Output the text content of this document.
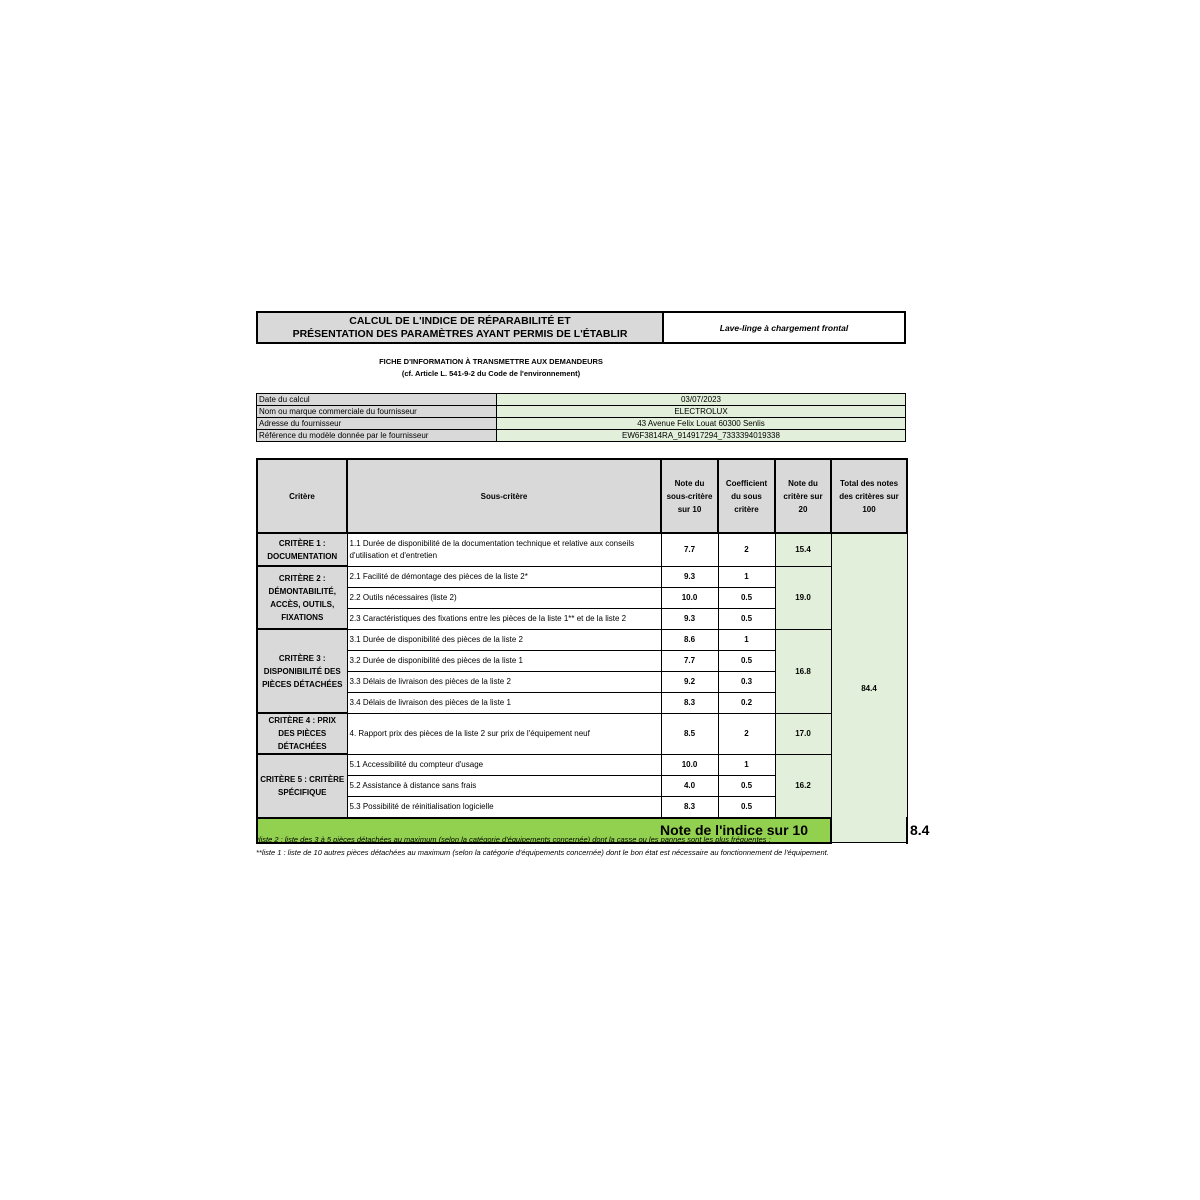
CALCUL DE L'INDICE DE RÉPARABILITÉ ET
PRÉSENTATION DES PARAMÈTRES AYANT PERMIS DE L'ÉTABLIR	Lave-linge à chargement frontal
FICHE D'INFORMATION À TRANSMETTRE AUX DEMANDEURS
(cf. Article L. 541-9-2 du Code de l'environnement)
Date du calcul	03/07/2023
Nom ou marque commerciale du fournisseur	ELECTROLUX
Adresse du fournisseur	43 Avenue Felix Louat 60300 Senlis
Référence du modèle donnée par le fournisseur	EW6F3814RA_914917294_7333394019338
Critère	Sous-critère	Note du sous-critère sur 10	Coefficient du sous critère	Note du critère sur 20	Total des notes des critères sur 100	
CRITÈRE 1 : DOCUMENTATION	1.1 Durée de disponibilité de la documentation technique et relative aux conseils d'utilisation et d'entretien	7.7	2	15.4	84.4	
CRITÈRE 2 : DÉMONTABILITÉ, ACCÈS, OUTILS, FIXATIONS	2.1 Facilité de démontage des pièces de la liste 2*	9.3	1	19.0		
	2.2 Outils nécessaires (liste 2)	10.0	0.5			
	2.3 Caractéristiques des fixations entre les pièces de la liste 1** et de la liste 2	9.3	0.5			
CRITÈRE 3 : DISPONIBILITÉ DES PIÈCES DÉTACHÉES	3.1 Durée de disponibilité des pièces de la liste 2	8.6	1	16.8		
	3.2 Durée de disponibilité des pièces de la liste 1	7.7	0.5			
	3.3 Délais de livraison des pièces de la liste 2	9.2	0.3			
	3.4 Délais de livraison des pièces de la liste 1	8.3	0.2			
CRITÈRE 4 : PRIX DES PIÈCES DÉTACHÉES	4. Rapport prix des pièces de la liste 2 sur prix de l'équipement neuf	8.5	2	17.0		
CRITÈRE 5 : CRITÈRE SPÉCIFIQUE	5.1 Accessibilité du compteur d'usage	10.0	1	16.2		
	5.2 Assistance à distance sans frais	4.0	0.5			
	5.3 Possibilité de réinitialisation logicielle	8.3	0.5			
Note de l'indice sur 10						8.4
*liste 2 : liste des 3 à 5 pièces détachées au maximum (selon la catégorie d'équipements concernée) dont la casse ou les pannes sont les plus fréquentes ;
**liste 1 : liste de 10 autres pièces détachées au maximum (selon la catégorie d'équipements concernée) dont le bon état est nécessaire au fonctionnement de l'équipement.
